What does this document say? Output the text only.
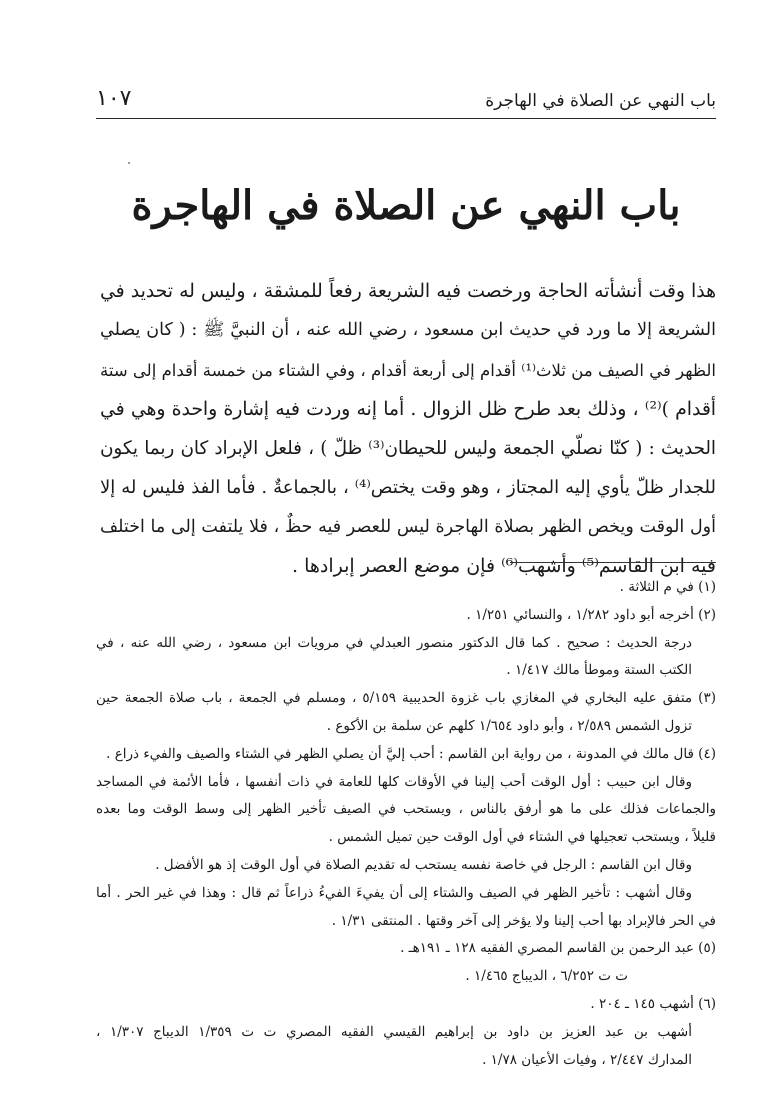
باب النهي عن الصلاة في الهاجرة
١٠٧
باب النهي عن الصلاة في الهاجرة
هذا وقت أنشأته الحاجة ورخصت فيه الشريعة رفعاً للمشقة ، وليس له تحديد في
الشريعة إلا ما ورد في حديث ابن مسعود ، رضي الله عنه ، أن النبيَّ ﷺ : ( كان يصلي
الظهر في الصيف من ثلاث⁽¹⁾ أقدام إلى أربعة أقدام ، وفي الشتاء من خمسة أقدام إلى ستة
أقدام )⁽²⁾ ، وذلك بعد طرح ظل الزوال . أما إنه وردت فيه إشارة واحدة وهي في
الحديث : ( كنّا نصلّي الجمعة وليس للحيطان⁽³⁾ ظلّ ) ، فلعل الإبراد كان ربما يكون
للجدار ظلّ يأوي إليه المجتاز ، وهو وقت يختص⁽⁴⁾ ، بالجماعةٌ . فأما الفذ فليس له إلا
أول الوقت ويخص الظهر بصلاة الهاجرة ليس للعصر فيه حظٌ ، فلا يلتفت إلى ما اختلف
فيه ابن القاسم⁽⁵⁾ وأشهب⁽⁶⁾ فإن موضع العصر إبرادها .
(١) في م الثلاثة .
(٢) أخرجه أبو داود ١/٢٨٢ ، والنسائي ١/٢٥١ .
درجة الحديث : صحيح . كما قال الدكتور منصور العبدلي في مرويات ابن مسعود ، رضي الله عنه ، في
الكتب الستة وموطأ مالك ١/٤١٧ .
(٣) متفق عليه البخاري في المغازي باب غزوة الحديبية ٥/١٥٩ ، ومسلم في الجمعة ، باب صلاة الجمعة حين
تزول الشمس ٢/٥٨٩ ، وأبو داود ١/٦٥٤ كلهم عن سلمة بن الأكوع .
(٤) قال مالك في المدونة ، من رواية ابن القاسم : أحب إليَّ أن يصلي الظهر في الشتاء والصيف والفيء ذراع .
وقال ابن حبيب : أول الوقت أحب إلينا في الأوقات كلها للعامة في ذات أنفسها ، فأما الأئمة في المساجد
والجماعات فذلك على ما هو أرفق بالناس ، ويستحب في الصيف تأخير الظهر إلى وسط الوقت وما بعده
قليلاً ، ويستحب تعجيلها في الشتاء في أول الوقت حين تميل الشمس .
وقال ابن القاسم : الرجل في خاصة نفسه يستحب له تقديم الصلاة في أول الوقت إذ هو الأفضل .
وقال أشهب : تأخير الظهر في الصيف والشتاء إلى أن يفيءَ الفيءُ ذراعاً ثم قال : وهذا في غير الحر . أما
في الحر فالإبراد بها أحب إلينا ولا يؤخر إلى آخر وقتها . المنتقى ١/٣١ .
(٥) عبد الرحمن بن القاسم المصري الفقيه ١٢٨ ـ ١٩١هـ .
ت ت ٦/٢٥٢ ، الديباج ١/٤٦٥ .
(٦) أشهب ١٤٥ ـ ٢٠٤ .
أشهب بن عبد العزيز بن داود بن إبراهيم القيسي الفقيه المصري ت ت ١/٣٥٩ الديباج ١/٣٠٧ ،
المدارك ٢/٤٤٧ ، وفيات الأعيان ١/٧٨ .
